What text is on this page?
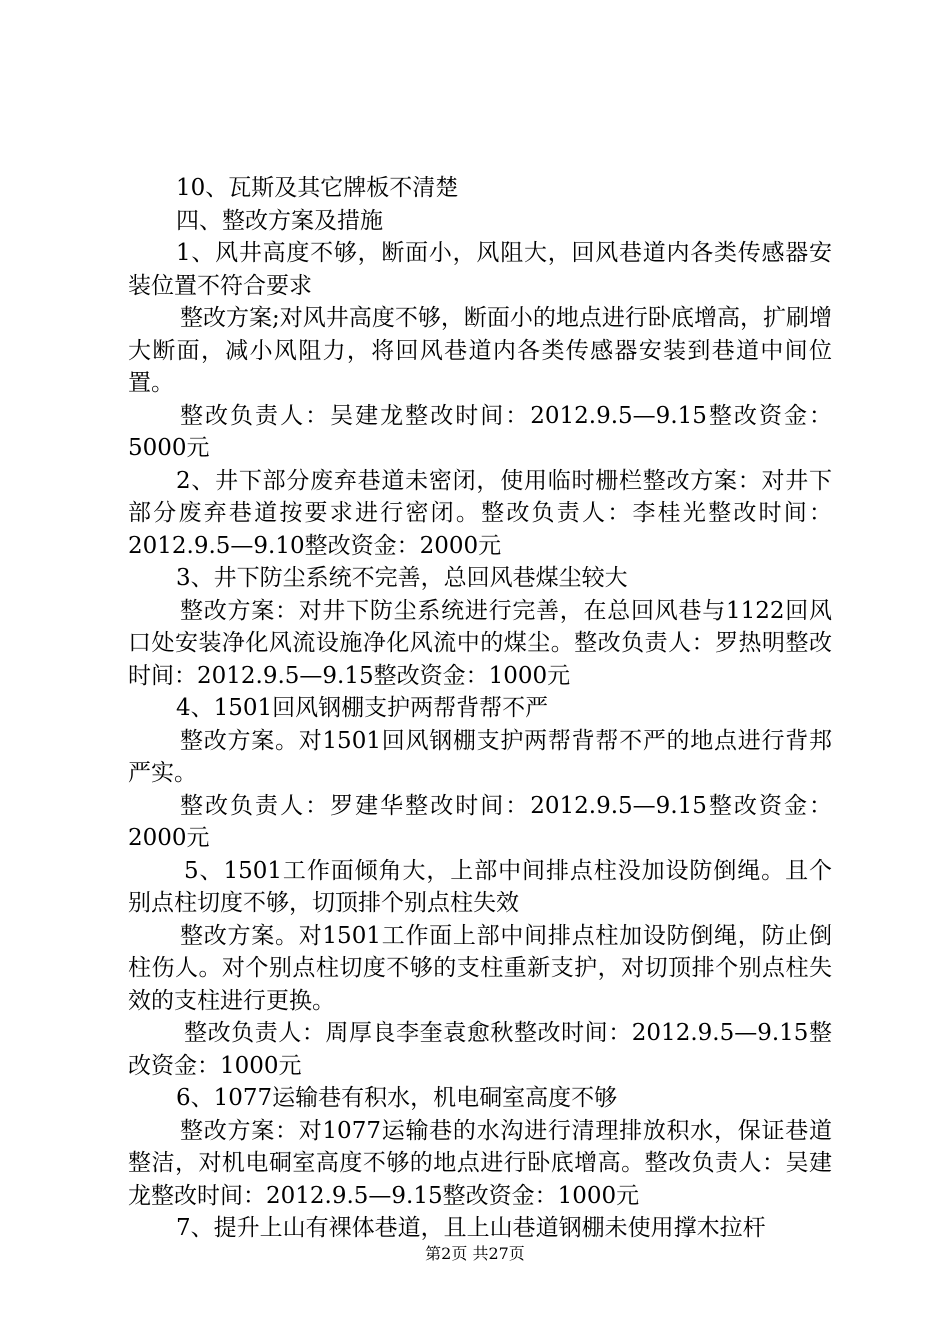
10、瓦斯及其它牌板不清楚

四、整改方案及措施

1、风井高度不够，断面小，风阻大，回风巷道内各类传感器安装位置不符合要求

整改方案;对风井高度不够，断面小的地点进行卧底增高，扩刷增大断面，减小风阻力，将回风巷道内各类传感器安装到巷道中间位置。

整改负责人：吴建龙整改时间：2012.9.5—9.15整改资金：5000元

2、井下部分废弃巷道未密闭，使用临时栅栏整改方案：对井下部分废弃巷道按要求进行密闭。整改负责人：李桂光整改时间：2012.9.5—9.10整改资金：2000元

3、井下防尘系统不完善，总回风巷煤尘较大

整改方案：对井下防尘系统进行完善，在总回风巷与1122回风口处安装净化风流设施净化风流中的煤尘。整改负责人：罗热明整改时间：2012.9.5—9.15整改资金：1000元

4、1501回风钢棚支护两帮背帮不严

整改方案。对1501回风钢棚支护两帮背帮不严的地点进行背邦严实。

整改负责人：罗建华整改时间：2012.9.5—9.15整改资金：2000元

5、1501工作面倾角大，上部中间排点柱没加设防倒绳。且个别点柱切度不够，切顶排个别点柱失效

整改方案。对1501工作面上部中间排点柱加设防倒绳，防止倒柱伤人。对个别点柱切度不够的支柱重新支护，对切顶排个别点柱失效的支柱进行更换。

整改负责人：周厚良李奎袁愈秋整改时间：2012.9.5—9.15整改资金：1000元

6、1077运输巷有积水，机电硐室高度不够

整改方案：对1077运输巷的水沟进行清理排放积水，保证巷道整洁，对机电硐室高度不够的地点进行卧底增高。整改负责人：吴建龙整改时间：2012.9.5—9.15整改资金：1000元

7、提升上山有裸体巷道，且上山巷道钢棚未使用撑木拉杆

第2页 共27页
